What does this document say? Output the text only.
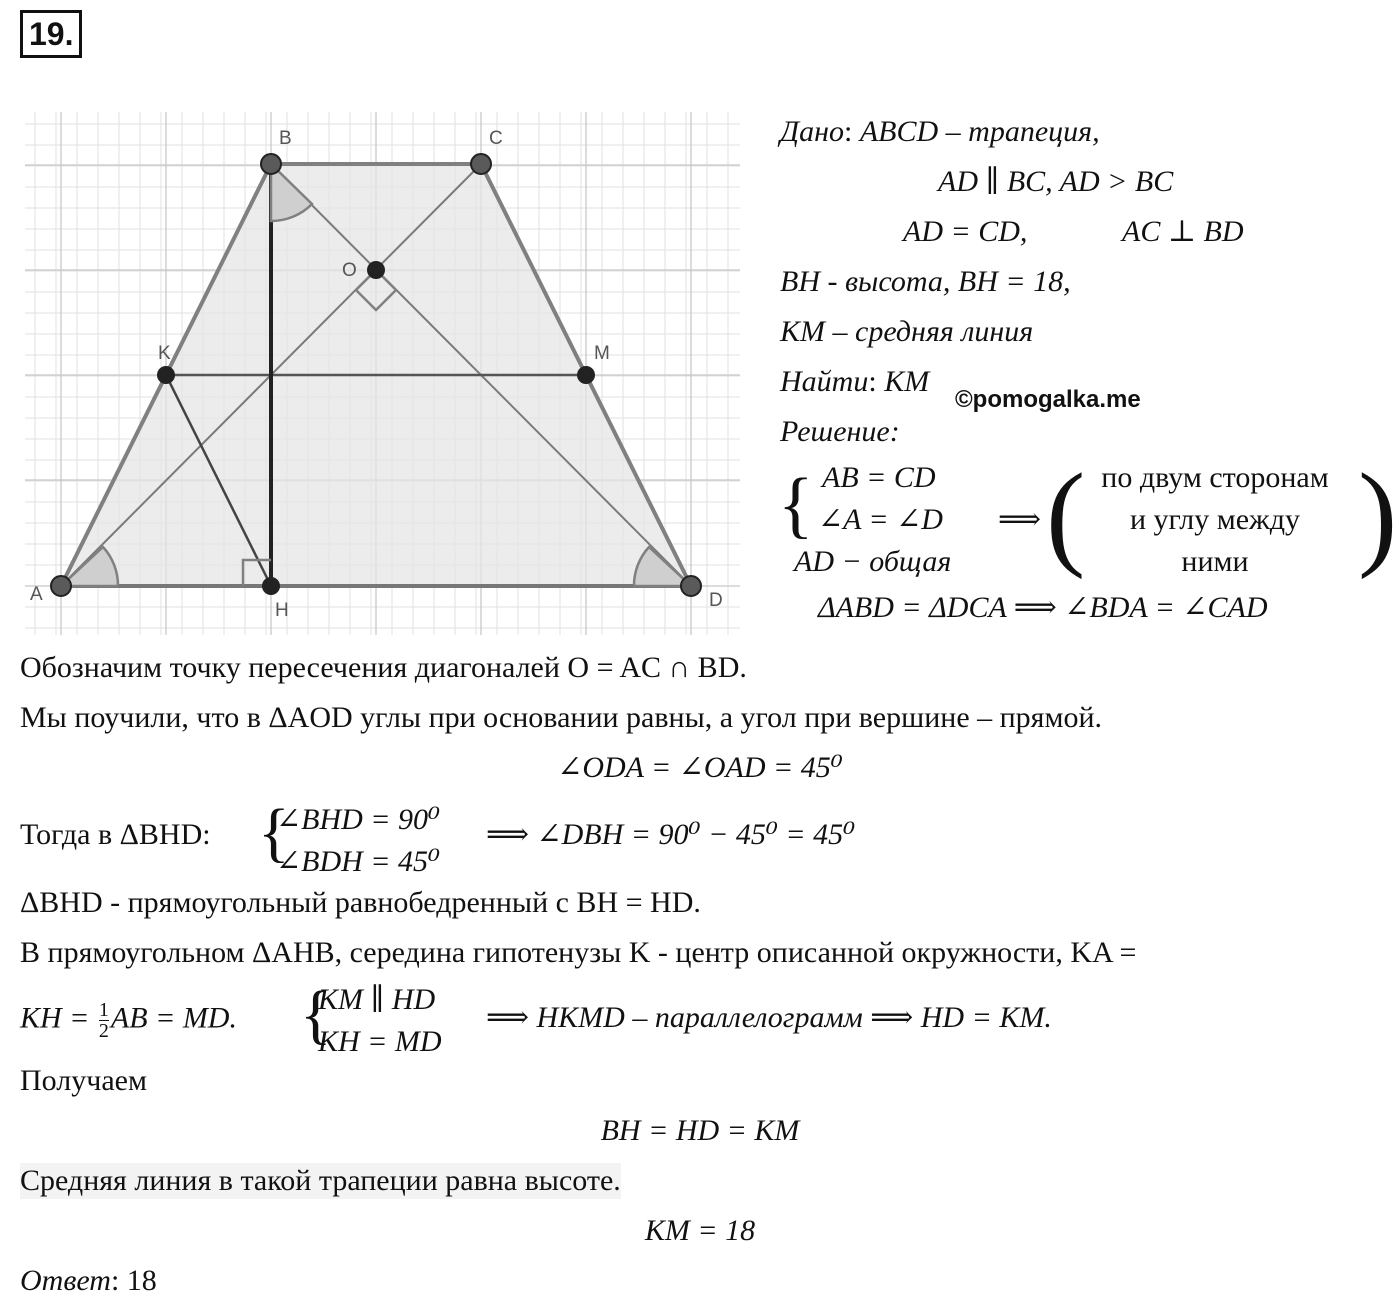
19.
A
B	C
D
O
K	M
H
Дано: ABCD – трапеция,
AD ∥ BC, AD > BC
AD = CD,	AC ⊥ BD
BH - высота, BH = 18,
KM – средняя линия
Найти: KM
©pomogalka.me
Решение:
{ AB = CD
∠A = ∠D
AD − общая
⟹ ( по двум сторонам
и углу между
ними )
ΔABD = ΔDCA ⟹ ∠BDA = ∠CAD
Обозначим точку пересечения диагоналей O = AC ∩ BD.
Мы поучили, что в ΔAOD углы при основании равны, а угол при вершине – прямой.
∠ODA = ∠OAD = 45⁰
Тогда в ΔBHD: {
∠BHD = 90⁰
∠BDH = 45⁰
⟹ ∠DBH = 90⁰ − 45⁰ = 45⁰
ΔBHD - прямоугольный равнобедренный с BH = HD.
В прямоугольном ΔAHB, середина гипотенузы K - центр описанной окружности, KA =
KH = $\frac{1}{2}$ AB = MD. {
KM ∥ HD
KH = MD
⟹ HKMD – параллелограмм ⟹ HD = KM.
Получаем
BH = HD = KM
Средняя линия в такой трапеции равна высоте.
KM = 18
Ответ: 18
